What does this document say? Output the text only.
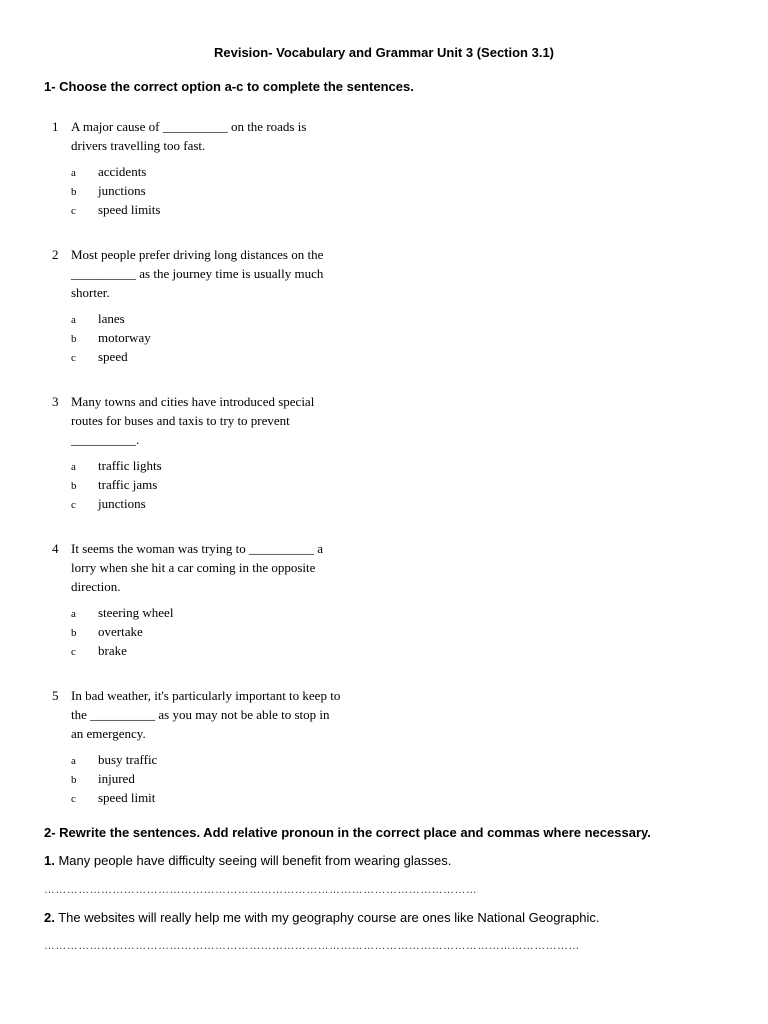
Revision- Vocabulary and Grammar Unit 3 (Section 3.1)
1- Choose the correct option a-c to complete the sentences.
1 A major cause of __________ on the roads is
drivers travelling too fast.
a accidents
b junctions
c speed limits
2 Most people prefer driving long distances on the
__________ as the journey time is usually much
shorter.
a lanes
b motorway
c speed
3 Many towns and cities have introduced special
routes for buses and taxis to try to prevent
__________.
a traffic lights
b traffic jams
c junctions
4 It seems the woman was trying to __________ a
lorry when she hit a car coming in the opposite
direction.
a steering wheel
b overtake
c brake
5 In bad weather, it's particularly important to keep to
the __________ as you may not be able to stop in
an emergency.
a busy traffic
b injured
c speed limit
2- Rewrite the sentences. Add relative pronoun in the correct place and commas where necessary.
1. Many people have difficulty seeing will benefit from wearing glasses.
……………………………………………………………………………………………………
2. The websites will really help me with my geography course are ones like National Geographic.
……………………………………………………………………………………………………………………………
